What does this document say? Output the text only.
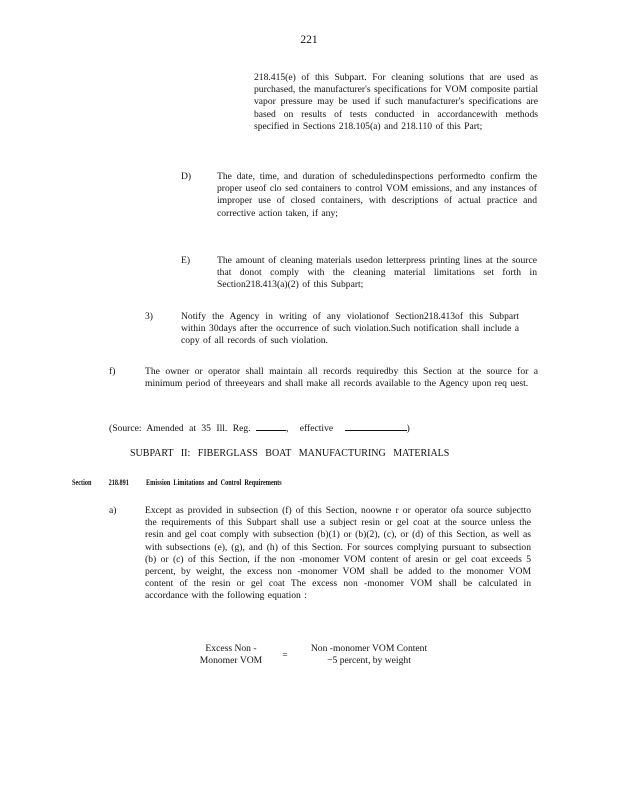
221
218.415(e) of this Subpart. For cleaning solutions that are used as purchased, the manufacturer's specifications for VOM composite partial vapor pressure may be used if such manufacturer's specifications are based on results of tests conducted in accordancewith methods specified in Sections 218.105(a) and 218.110 of this Part;
D)	The date, time, and duration of scheduledinspections performedto confirm the proper useof clo sed containers to control VOM emissions, and any instances of improper use of closed containers, with descriptions of actual practice and corrective action taken, if any;
E)	The amount of cleaning materials usedon letterpress printing lines at the source that donot comply with the cleaning material limitations set forth in Section218.413(a)(2) of this Subpart;
3)	Notify the Agency in writing of any violationof Section218.413of this Subpart within 30days after the occurrence of such violation.Such notification shall include a copy of all records of such violation.
f)	The owner or operator shall maintain all records requiredby this Section at the source for a minimum period of threeyears and shall make all records available to the Agency upon req uest.
(Source: Amended at 35 Ill. Reg.	, effective	)
SUBPART II: FIBERGLASS BOAT MANUFACTURING MATERIALS
Section 218.891 Emission Limitations and Control Requirements
a)	Except as provided in subsection (f) of this Section, noowne r or operator ofa source subjectto the requirements of this Subpart shall use a subject resin or gel coat at the source unless the resin and gel coat comply with subsection (b)(1) or (b)(2), (c), or (d) of this Section, as well as with subsections (e), (g), and (h) of this Section. For sources complying pursuant to subsection (b) or (c) of this Section, if the non -monomer VOM content of aresin or gel coat exceeds 5 percent, by weight, the excess non -monomer VOM shall be added to the monomer VOM content of the resin or gel coat The excess non -monomer VOM shall be calculated in accordance with the following equation :
Excess Non -
Monomer VOM	=
Non -monomer VOM Content
−5 percent, by weight
